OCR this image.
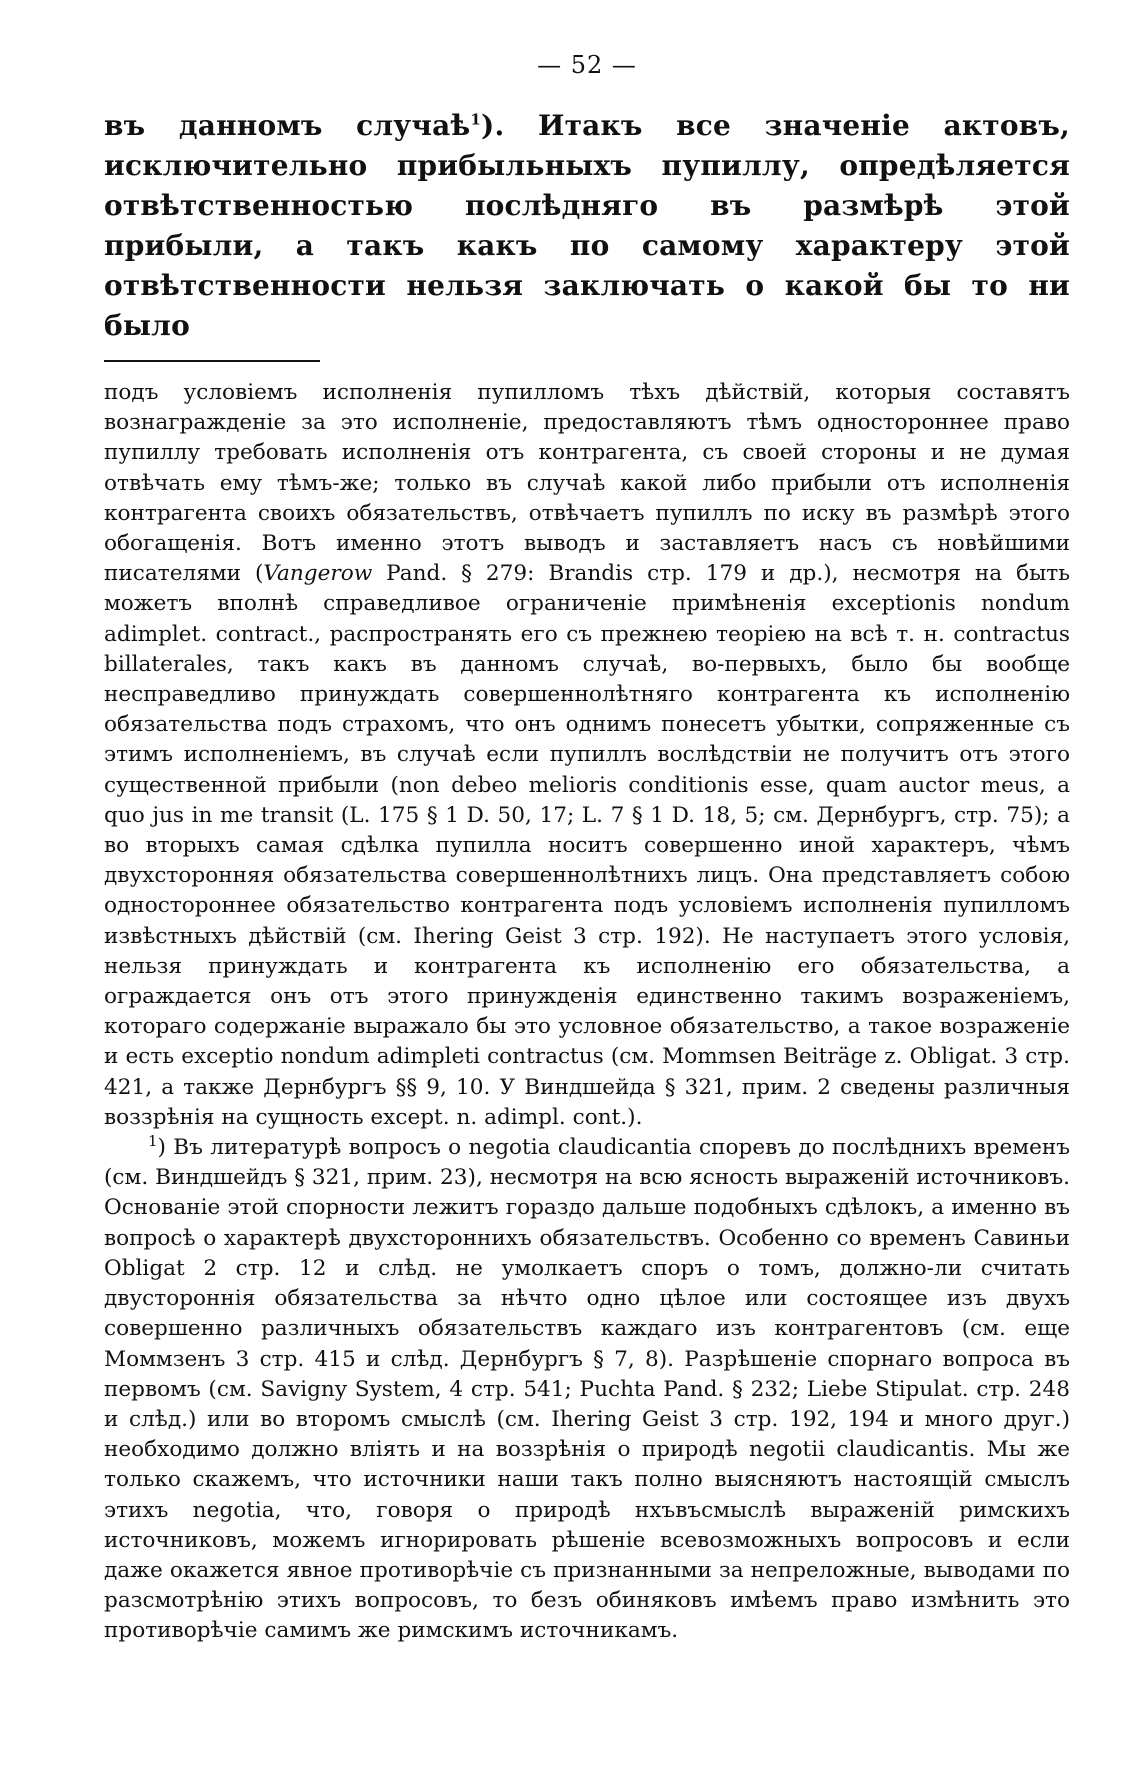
— 52 —

въ данномъ случаѣ$^1$). Итакъ все значеніе актовъ, исключительно прибыльныхъ пупиллу, опредѣляется отвѣтственностью послѣдняго въ размѣрѣ этой прибыли, а такъ какъ по самому характеру этой отвѣтственности нельзя заключать о какой бы то ни было

подъ условіемъ исполненія пупилломъ тѣхъ дѣйствій, которыя составятъ вознагражденіе за это исполненіе, предоставляютъ тѣмъ одностороннее право пупиллу требовать исполненія отъ контрагента, съ своей стороны и не думая отвѣчать ему тѣмъ-же; только въ случаѣ какой либо прибыли отъ исполненія контрагента своихъ обязательствъ, отвѣчаетъ пупиллъ по иску въ размѣрѣ этого обогащенія. Вотъ именно этотъ выводъ и заставляетъ насъ съ новѣйшими писателями (Vangerow Pand. § 279: Brandis стр. 179 и др.), несмотря на быть можетъ вполнѣ справедливое ограниченіе примѣненія exceptionis nondum adimplet. contract., распространять его съ прежнею теоріею на всѣ т. н. contractus billaterales, такъ какъ въ данномъ случаѣ, во-первыхъ, было бы вообще несправедливо принуждать совершеннолѣтняго контрагента къ исполненію обязательства подъ страхомъ, что онъ однимъ понесетъ убытки, сопряженные съ этимъ исполненіемъ, въ случаѣ если пупиллъ вослѣдствіи не получитъ отъ этого существенной прибыли (non debeo melioris conditionis esse, quam auctor meus, a quo jus in me transit (L. 175 § 1 D. 50, 17; L. 7 § 1 D. 18, 5; см. Дернбургъ, стр. 75); а во вторыхъ самая сдѣлка пупилла носитъ совершенно иной характеръ, чѣмъ двухсторонняя обязательства совершеннолѣтнихъ лицъ. Она представляетъ собою одностороннее обязательство контрагента подъ условіемъ исполненія пупилломъ извѣстныхъ дѣйствій (см. Ihering Geist 3 стр. 192). Не наступаетъ этого условія, нельзя принуждать и контрагента къ исполненію его обязательства, а ограждается онъ отъ этого принужденія единственно такимъ возраженіемъ, котораго содержаніе выражало бы это условное обязательство, а такое возраженіе и есть exceptio nondum adimpleti contractus (см. Mommsen Beiträge z. Obligat. 3 стр. 421, а также Дернбургъ §§ 9, 10. У Виндшейда § 321, прим. 2 сведены различныя воззрѣнія на сущность except. n. adimpl. cont.).

$^1$) Въ литературѣ вопросъ о negotia claudicantia споревъ до послѣднихъ временъ (см. Виндшейдъ § 321, прим. 23), несмотря на всю ясность выраженій источниковъ. Основаніе этой спорности лежитъ гораздо дальше подобныхъ сдѣлокъ, а именно въ вопросѣ о характерѣ двухстороннихъ обязательствъ. Особенно со временъ Савиньи Obligat 2 стр. 12 и слѣд. не умолкаетъ споръ о томъ, должно-ли считать двустороннія обязательства за нѣчто одно цѣлое или состоящее изъ двухъ совершенно различныхъ обязательствъ каждаго изъ контрагентовъ (см. еще Моммзенъ 3 стр. 415 и слѣд. Дернбургъ § 7, 8). Разрѣшеніе спорнаго вопроса въ первомъ (см. Savigny System, 4 стр. 541; Puchta Pand. § 232; Liebe Stipulat. стр. 248 и слѣд.) или во второмъ смыслѣ (см. Ihering Geist 3 стр. 192, 194 и много друг.) необходимо должно вліять и на воззрѣнія о природѣ negotii claudicantis. Мы же только скажемъ, что источники наши такъ полно выясняютъ настоящій смыслъ этихъ negotia, что, говоря о природѣ нхъвъсмыслѣ выраженій римскихъ источниковъ, можемъ игнорировать рѣшеніе всевозможныхъ вопросовъ и если даже окажется явное противорѣчіе съ признанными за непреложные, выводами по разсмотрѣнію этихъ вопросовъ, то безъ обиняковъ имѣемъ право измѣнить это противорѣчіе самимъ же римскимъ источникамъ.
